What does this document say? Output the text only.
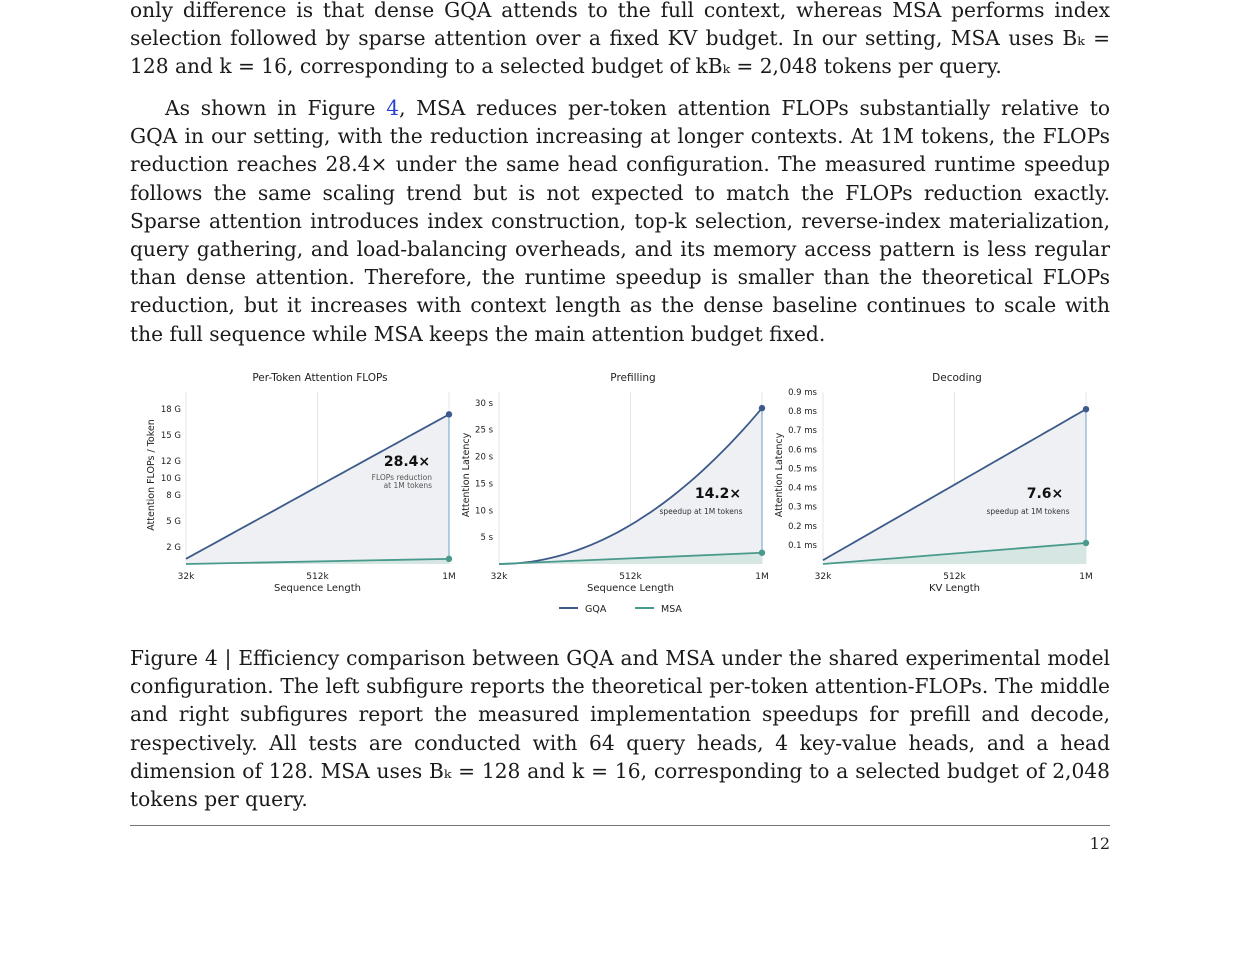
only difference is that dense GQA attends to the full context, whereas MSA performs index selection followed by sparse attention over a fixed KV budget. In our setting, MSA uses Bₖ = 128 and k = 16, corresponding to a selected budget of kBₖ = 2,048 tokens per query.

As shown in Figure 4, MSA reduces per-token attention FLOPs substantially relative to GQA in our setting, with the reduction increasing at longer contexts. At 1M tokens, the FLOPs reduction reaches 28.4× under the same head configuration. The measured runtime speedup follows the same scaling trend but is not expected to match the FLOPs reduction exactly. Sparse attention introduces index construction, top-k selection, reverse-index materialization, query gathering, and load-balancing overheads, and its memory access pattern is less regular than dense attention. Therefore, the runtime speedup is smaller than the theoretical FLOPs reduction, but it increases with context length as the dense baseline continues to scale with the full sequence while MSA keeps the main attention budget fixed.

Per-Token Attention FLOPs
Attention FLOPs / Token
32k	512k	1M
2 G
5 G
8 G
10 G
12 G
15 G
18 G
Sequence Length
28.4×
FLOPs reduction
at 1M tokens
Prefilling
Attention Latency
32k	512k	1M
5 s
10 s
15 s
20 s
25 s
30 s
Sequence Length
14.2×
speedup at 1M tokens
Decoding
Attention Latency
32k	512k	1M
0.1 ms
0.2 ms
0.3 ms
0.4 ms
0.5 ms
0.6 ms
0.7 ms
0.8 ms
0.9 ms
KV Length
7.6×
speedup at 1M tokens
GQA	MSA

Figure 4 | Efficiency comparison between GQA and MSA under the shared experimental model configuration. The left subfigure reports the theoretical per-token attention-FLOPs. The middle and right subfigures report the measured implementation speedups for prefill and decode, respectively. All tests are conducted with 64 query heads, 4 key-value heads, and a head dimension of 128. MSA uses Bₖ = 128 and k = 16, corresponding to a selected budget of 2,048 tokens per query.

12
